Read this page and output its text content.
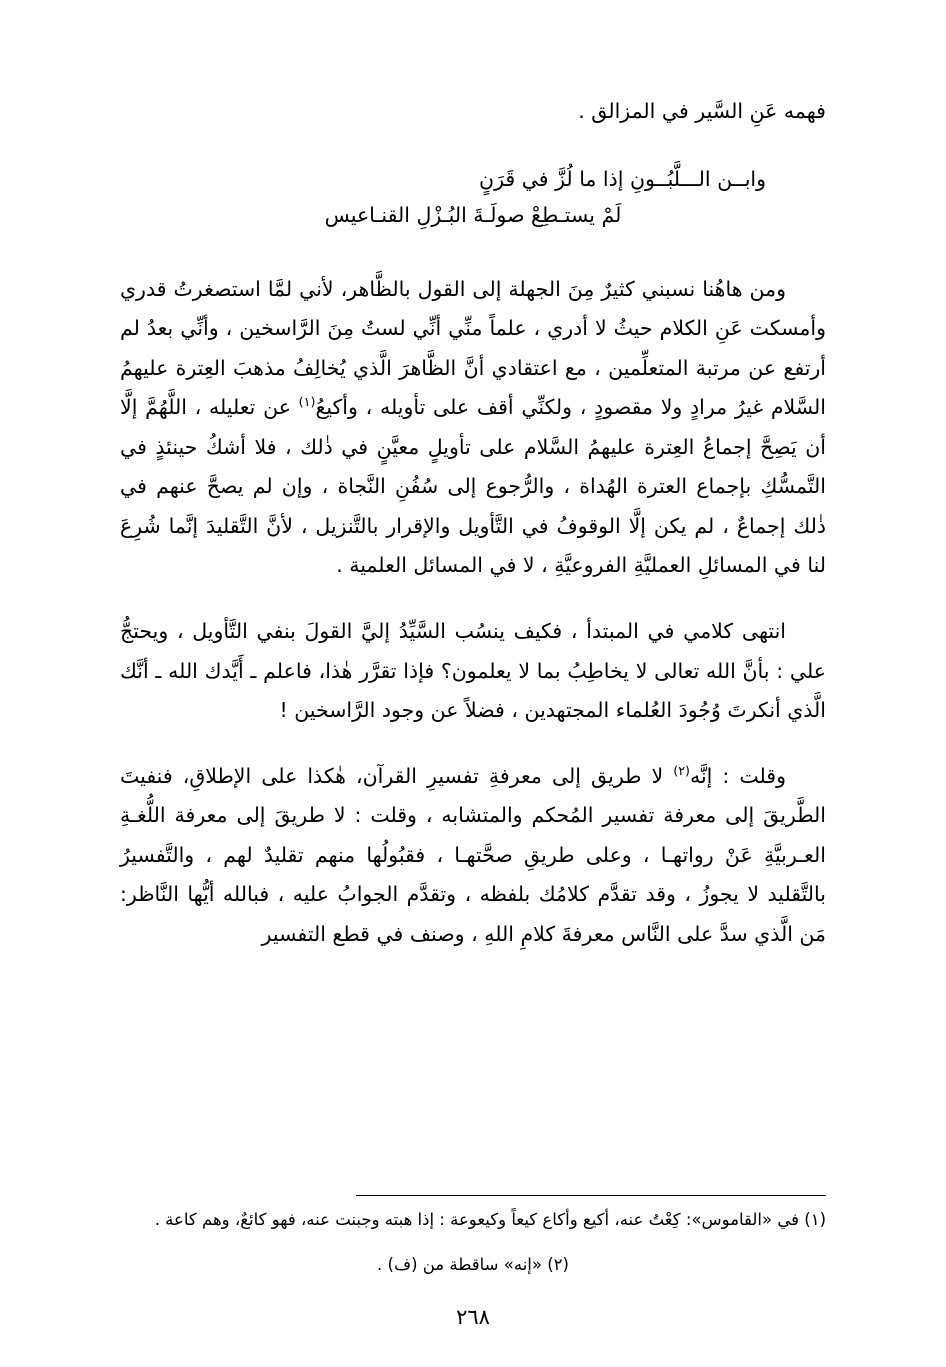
فهمه عَنِ السَّير في المزالق .

وابــن الـــلَّبُــونِ إذا ما لُزَّ في قَرَنٍ
لَمْ يستـطِعْ صولَـةَ البُـزْلِ القنـاعيس

ومن هاهُنا نسبني كثيرٌ مِنَ الجهلة إلى القول بالظَّاهر، لأني لمَّا استصغرتُ قدري وأمسكت عَنِ الكلام حيثُ لا أدري ، علماً منِّي أنِّي لستُ مِنَ الرَّاسخين ، وأنِّي بعدُ لم أرتفع عن مرتبة المتعلِّمين ، مع اعتقادي أنَّ الظَّاهرَ الَّذي يُخالِفُ مذهبَ العِترة عليهمُ السَّلام غيرُ مرادٍ ولا مقصودٍ ، ولكنِّي أقف على تأويله ، وأكيعُ$^{(١)}$ عن تعليله ، اللَّهُمَّ إلَّا أن يَصِحَّ إجماعُ العِترة عليهمُ السَّلام على تأويلٍ معيَّنٍ في ذٰلك ، فلا أشكُ حينئذٍ في التَّمسُّكِ بإجماع العترة الهُداة ، والرُّجوع إلى سُفُنِ النَّجاة ، وإن لم يصحَّ عنهم في ذٰلك إجماعٌ ، لم يكن إلَّا الوقوفُ في التَّأويل والإقرار بالتَّنزيل ، لأنَّ التَّقليدَ إنَّما شُرِعَ لنا في المسائلِ العمليَّةِ الفروعيَّةِ ، لا في المسائل العلمية .

انتهى كلامي في المبتدأ ، فكيف ينسُب السَّيِّدُ إليَّ القولَ بنفي التَّأويل ، ويحتجُّ علي : بأنَّ الله تعالى لا يخاطِبُ بما لا يعلمون؟ فإذا تقرَّر هٰذا، فاعلم ـ أَيَّدك الله ـ أنَّك الَّذي أنكرتَ وُجُودَ العُلماء المجتهدين ، فضلاً عن وجود الرَّاسخين !

وقلت : إنَّه$^{(٢)}$ لا طريق إلى معرفةِ تفسيرِ القرآن، هٰكذا على الإطلاقِ، فنفيتَ الطَّريقَ إلى معرفة تفسير المُحكم والمتشابه ، وقلت : لا طريقَ إلى معرفة اللُّغـةِ العـربيَّةِ عَنْ رواتهـا ، وعلى طريقِ صحَّتهـا ، فقبُولُها منهم تقليدٌ لهم ، والتَّفسيرُ بالتَّقليد لا يجوزُ ، وقد تقدَّم كلامُك بلفظه ، وتقدَّم الجوابُ عليه ، فبالله أيُّها النَّاظر: مَن الَّذي سدَّ على النَّاس معرفةَ كلامِ اللهِ ، وصنف في قطع التفسير

(١) في «القاموس»: كِعْتُ عنه، أكيع وأكاع كيعاً وكيعوعة : إذا هبته وجبنت عنه، فهو كائعٌ، وهم كاعة .

(٢) «إنه» ساقطة من (ف) .

٢٦٨
